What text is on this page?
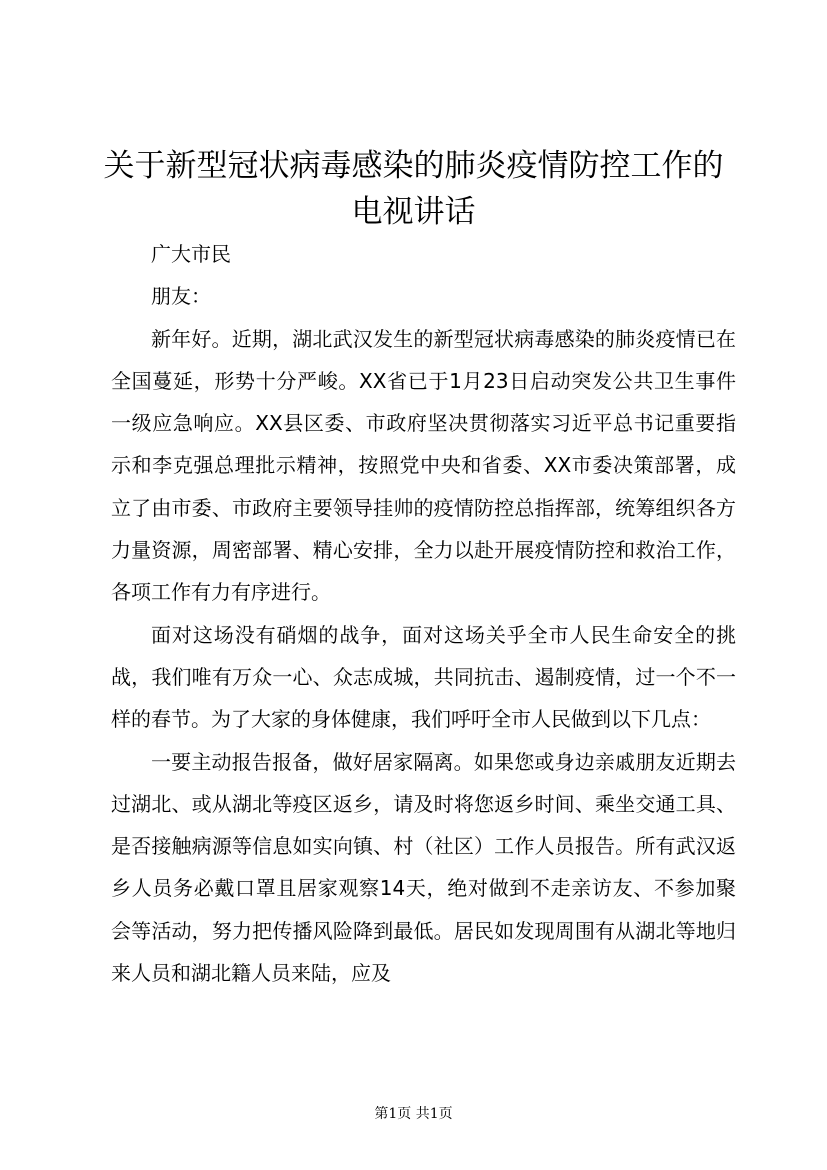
关于新型冠状病毒感染的肺炎疫情防控工作的电视讲话

广大市民

朋友：

新年好。近期，湖北武汉发生的新型冠状病毒感染的肺炎疫情已在全国蔓延，形势十分严峻。XX省已于1月23日启动突发公共卫生事件一级应急响应。XX县区委、市政府坚决贯彻落实习近平总书记重要指示和李克强总理批示精神，按照党中央和省委、XX市委决策部署，成立了由市委、市政府主要领导挂帅的疫情防控总指挥部，统筹组织各方力量资源，周密部署、精心安排，全力以赴开展疫情防控和救治工作，各项工作有力有序进行。

面对这场没有硝烟的战争，面对这场关乎全市人民生命安全的挑战，我们唯有万众一心、众志成城，共同抗击、遏制疫情，过一个不一样的春节。为了大家的身体健康，我们呼吁全市人民做到以下几点：

一要主动报告报备，做好居家隔离。如果您或身边亲戚朋友近期去过湖北、或从湖北等疫区返乡，请及时将您返乡时间、乘坐交通工具、是否接触病源等信息如实向镇、村（社区）工作人员报告。所有武汉返乡人员务必戴口罩且居家观察14天，绝对做到不走亲访友、不参加聚会等活动，努力把传播风险降到最低。居民如发现周围有从湖北等地归来人员和湖北籍人员来陆，应及

第1页 共1页
